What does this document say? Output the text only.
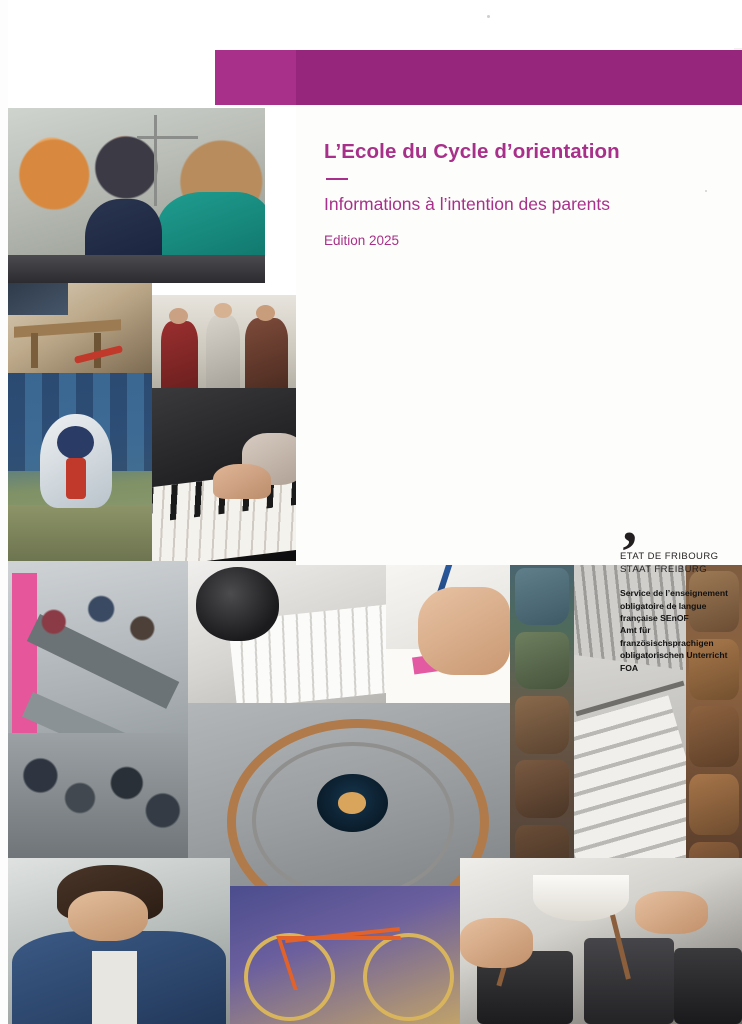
L’Ecole du Cycle d’orientation
Informations à l’intention des parents
Edition 2025
‚
ETAT DE FRIBOURG
STAAT FREIBURG
Service de l’enseignement obligatoire de langue française SEnOF
Amt für französischsprachigen obligatorischen Unterricht FOA
